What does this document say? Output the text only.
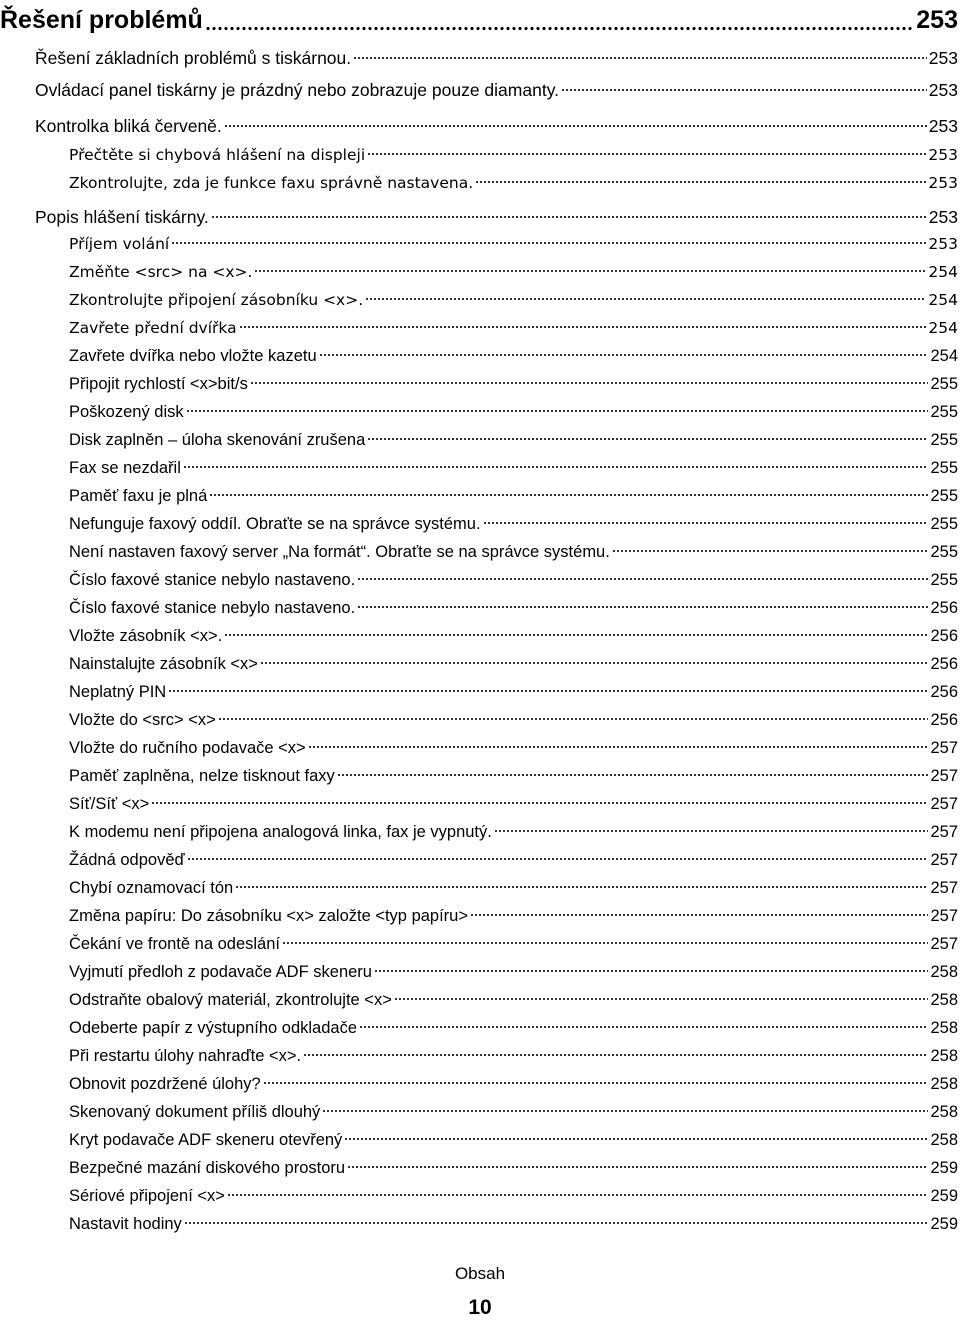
Řešení problémů	253
Řešení základních problémů s tiskárnou.	253
Ovládací panel tiskárny je prázdný nebo zobrazuje pouze diamanty.	253
Kontrolka bliká červeně.	253
Přečtěte si chybová hlášení na displeji	253
Zkontrolujte, zda je funkce faxu správně nastavena.	253
Popis hlášení tiskárny.	253
Příjem volání	253
Změňte <src> na <x>.	254
Zkontrolujte připojení zásobníku <x>.	254
Zavřete přední dvířka	254
Zavřete dvířka nebo vložte kazetu	254
Připojit rychlostí <x>bit/s	255
Poškozený disk	255
Disk zaplněn – úloha skenování zrušena	255
Fax se nezdařil	255
Paměť faxu je plná	255
Nefunguje faxový oddíl. Obraťte se na správce systému.	255
Není nastaven faxový server „Na formát“. Obraťte se na správce systému.	255
Číslo faxové stanice nebylo nastaveno.	255
Číslo faxové stanice nebylo nastaveno.	256
Vložte zásobník <x>.	256
Nainstalujte zásobník <x>	256
Neplatný PIN	256
Vložte do <src> <x>	256
Vložte do ručního podavače <x>	257
Paměť zaplněna, nelze tisknout faxy	257
Síť/Síť <x>	257
K modemu není připojena analogová linka, fax je vypnutý.	257
Žádná odpověď	257
Chybí oznamovací tón	257
Změna papíru: Do zásobníku <x> založte <typ papíru>	257
Čekání ve frontě na odeslání	257
Vyjmutí předloh z podavače ADF skeneru	258
Odstraňte obalový materiál, zkontrolujte <x>	258
Odeberte papír z výstupního odkladače	258
Při restartu úlohy nahraďte <x>.	258
Obnovit pozdržené úlohy?	258
Skenovaný dokument příliš dlouhý	258
Kryt podavače ADF skeneru otevřený	258
Bezpečné mazání diskového prostoru	259
Sériové připojení <x>	259
Nastavit hodiny	259
Obsah
10
